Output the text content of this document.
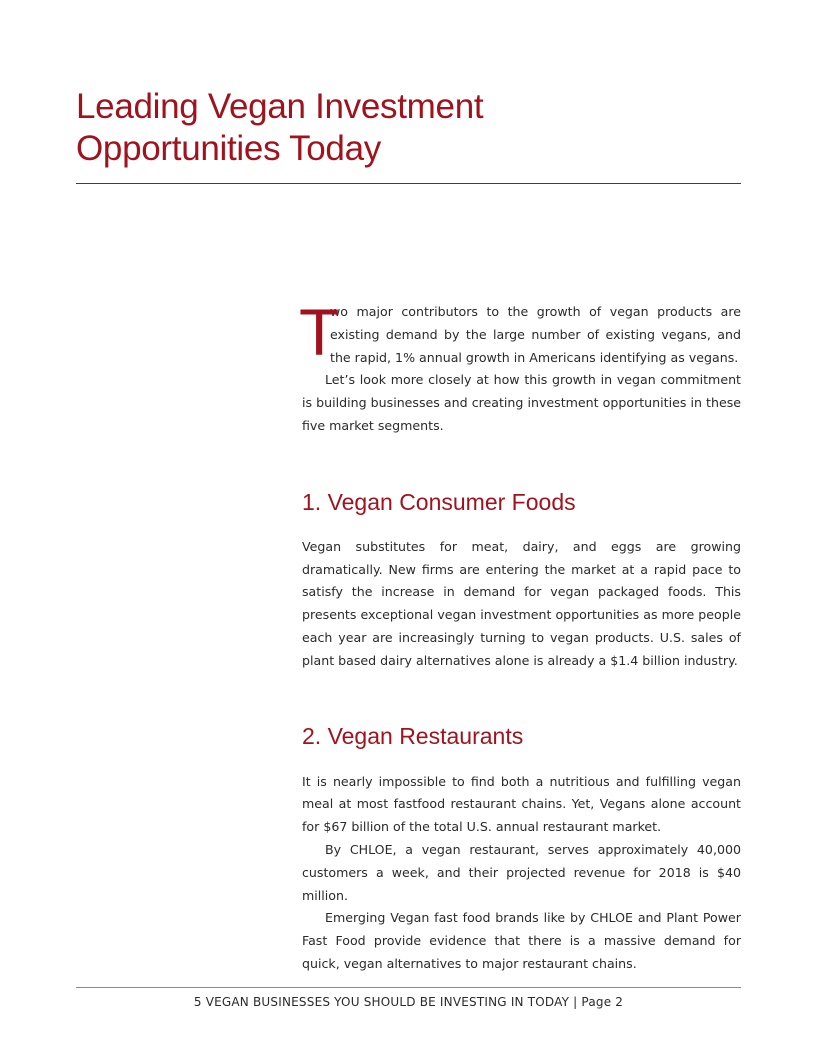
Leading Vegan Investment
Opportunities Today

T
wo major contributors to the growth of vegan products are existing demand by the large number of existing vegans, and the rapid, 1% annual growth in Americans identifying as vegans.

Let’s look more closely at how this growth in vegan commitment is building businesses and creating investment opportunities in these five market segments.

1. Vegan Consumer Foods

Vegan substitutes for meat, dairy, and eggs are growing dramatically. New firms are entering the market at a rapid pace to satisfy the increase in demand for vegan packaged foods. This presents exceptional vegan investment opportunities as more people each year are increasingly turning to vegan products. U.S. sales of plant based dairy alternatives alone is already a $1.4 billion industry.

2. Vegan Restaurants

It is nearly impossible to find both a nutritious and fulfilling vegan meal at most fastfood restaurant chains. Yet, Vegans alone account for $67 billion of the total U.S. annual restaurant market.

By CHLOE, a vegan restaurant, serves approximately 40,000 customers a week, and their projected revenue for 2018 is $40 million.

Emerging Vegan fast food brands like by CHLOE and Plant Power Fast Food provide evidence that there is a massive demand for quick, vegan alternatives to major restaurant chains.

5 VEGAN BUSINESSES YOU SHOULD BE INVESTING IN TODAY | Page 2
